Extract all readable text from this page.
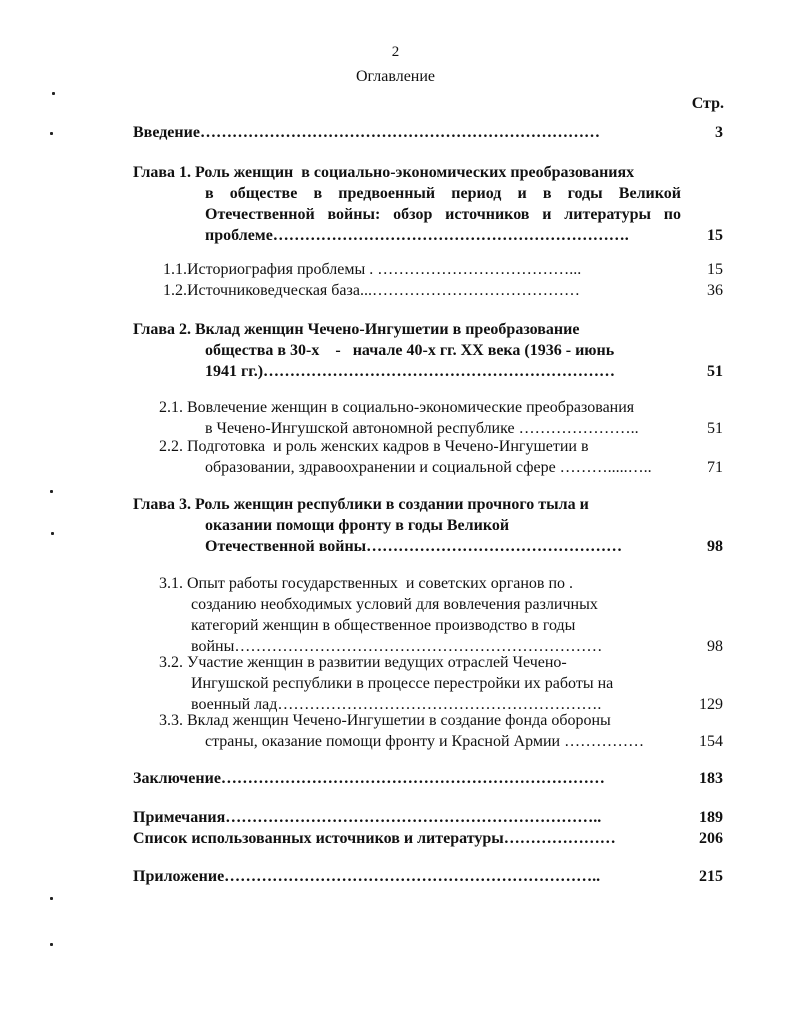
2
Оглавление
Стр.
Введение…………………………………………………………………	3
Глава 1. Роль женщин  в социально-экономических преобразованиях
в обществе в предвоенный период и в годы Великой
Отечественной войны: обзор источников и литературы по
проблеме………………………………………………………….	15
1.1.Историография проблемы . ………………………………...	15
1.2.Источниковедческая база...…………………………………	36
Глава 2. Вклад женщин Чечено-Ингушетии в преобразование
общества в 30-х    -   начале 40-х гг. XX века (1936 - июнь
1941 гг.)…………………………………………………………	51
2.1. Вовлечение женщин в социально-экономические преобразования
в Чечено-Ингушской автономной республике …………………..	51
2.2. Подготовка  и роль женских кадров в Чечено-Ингушетии в
образовании, здравоохранении и социальной сфере ……….....…..	71
Глава 3. Роль женщин республики в создании прочного тыла и
оказании помощи фронту в годы Великой
Отечественной войны…………………………………………	98
3.1. Опыт работы государственных  и советских органов по .
созданию необходимых условий для вовлечения различных
категорий женщин в общественное производство в годы
войны……………………………………………………………	98
3.2. Участие женщин в развитии ведущих отраслей Чечено-
Ингушской республики в процессе перестройки их работы на
военный лад…………………………………………………….	129
3.3. Вклад женщин Чечено-Ингушетии в создание фонда обороны
страны, оказание помощи фронту и Красной Армии ……………	154
Заключение………………………………………………………………	183
Примечания……………………………………………………………..	189
Список использованных источников и литературы…………………	206
Приложение……………………………………………………………..	215
